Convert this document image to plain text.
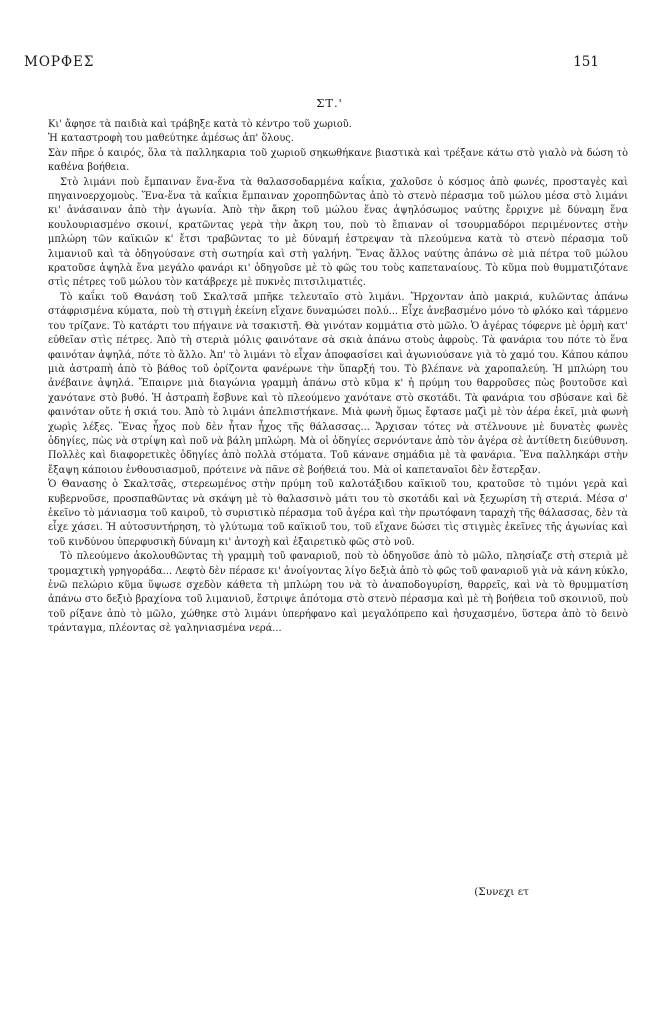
ΜΟΡΦΕΣ	151
ΣΤ.'

Κι' ἄφησε τὰ παιδιὰ καὶ τράβηξε κατὰ τὸ κέντρο τοῦ χωριοῦ.

Ἡ καταστροφὴ του μαθεύτηκε ἀμέσως ἀπ' ὅλους.

Σὰν πῆρε ὁ καιρός, ὅλα τὰ παλληκαρια τοῦ χωριοῦ σηκωθήκανε βιαστικὰ καὶ τρέξανε κάτω στὸ γιαλὸ νὰ δώση τὸ καθένα βοήθεια.

Στὸ λιμάνι ποὺ ἔμπαιναν ἕνα-ἕνα τὰ θαλασσοδαρμένα καΐκια, χαλοῦσε ὁ κόσμος ἀπὸ φωνές, προσταγὲς καὶ πηγαινοερχομοὺς. Ἕνα-ἕνα τὰ καΐκια ἔμπαιναν χοροπηδῶντας ἀπὸ τὸ στενὸ πέρασμα τοῦ μώλου μέσα στὸ λιμάνι κι' ἀνάσαιναν ἀπὸ τὴν ἀγωνία. Ἀπὸ τὴν ἄκρη τοῦ μώλου ἕνας ἀψηλόσωμος ναύτης ἔρριχνε μὲ δύναμη ἕνα κουλουριασμένο σκοινί, κρατῶντας γερὰ τὴν ἄκρη του, ποὺ τὸ ἔπιαναν οἱ τσουρμαδόροι περιμένοντες στὴν μπλώρη τῶν καϊκιῶν κ' ἔτσι τραβῶντας το μὲ δύναμή ἐστρεψαν τὰ πλεούμενα κατὰ τὸ στενὸ πέρασμα τοῦ λιμανιοῦ καὶ τὰ ὁδηγούσανε στὴ σωτηρία καὶ στὴ γαλήνη. Ἕνας ἄλλος ναύτης ἀπάνω σὲ μιὰ πέτρα τοῦ μώλου κρατοῦσε ἀψηλὰ ἕνα μεγάλο φανάρι κι' ὁδηγοῦσε μὲ τὸ φῶς του τοὺς καπεταναίους. Τὸ κῦμα ποὺ θυμματιζότανε στὶς πέτρες τοῦ μώλου τὸν κατάβρεχε μὲ πυκνὲς πιτσιλιματιές.

Τὸ καΐκι τοῦ Θανάση τοῦ Σκαλτσᾶ μπῆκε τελευταῖο στὸ λιμάνι. Ἤρχονταν ἀπὸ μακριά, κυλῶντας ἀπάνω στάφρισμένα κύματα, ποὺ τὴ στιγμὴ ἐκείνη εἴχανε δυναμώσει πολύ... Εἶχε ἀνεβασμένο μόνο τὸ φλόκο καὶ τάρμενο του τρίζανε. Τὸ κατάρτι του πήγαινε νὰ τσακιστῆ. Θὰ γινόταν κομμάτια στὸ μῶλο. Ὁ ἀγέρας τόφερνε μὲ ὁρμὴ κατ' εὐθεῖαν στὶς πέτρες. Ἀπὸ τὴ στεριὰ μόλις φαινότανε σὰ σκιὰ ἀπάνω στοὺς ἀφροὺς. Τὰ φανάρια του πότε τὸ ἕνα φαινόταν ἀψηλά, πότε τὸ ἄλλο. Ἀπ' τὸ λιμάνι τὸ εἶχαν ἀποφασίσει καὶ ἀγωνιούσανε γιὰ τὸ χαμό του. Κάπου κάπου μιὰ ἀστραπὴ ἀπὸ τὸ βάθος τοῦ ὁρίζοντα φανέρωνε τὴν ὕπαρξή του. Τὸ βλέπανε νὰ χαροπαλεύη. Ἡ μπλώρη του ἀνέβαινε ἀψηλά. Ἔπαιρνε μιὰ διαγώνια γραμμὴ ἀπάνω στὸ κῦμα κ' ἡ πρύμη του θαρροῦσες πὼς βουτοῦσε καὶ χανότανε στὸ βυθό. Ἡ ἀστραπὴ ἔσβυνε καὶ τὸ πλεούμενο χανότανε στὸ σκοτάδι. Τὰ φανάρια του σβύσανε καὶ δὲ φαινόταν οὔτε ἡ σκιά του. Ἀπὸ τὸ λιμάνι ἀπελπιστήκανε. Μιὰ φωνὴ ὅμως ἔφτασε μαζὶ μὲ τὸν ἀέρα ἐκεῖ, μιὰ φωνὴ χωρὶς λέξες. Ἕνας ἦχος ποὺ δὲν ἦταν ἦχος τῆς θάλασσας... Ἄρχισαν τότες νὰ στέλνουνε μὲ δυνατὲς φωνὲς ὁδηγίες, πὼς νὰ στρίψη καὶ ποῦ νὰ βάλη μπλώρη. Μὰ οἱ ὁδηγίες σερνόντανε ἀπὸ τὸν ἀγέρα σὲ ἀντίθετη διεύθυνση. Πολλὲς καὶ διαφορετικὲς ὁδηγίες ἀπὸ πολλὰ στόματα. Τοῦ κάνανε σημάδια μὲ τὰ φανάρια. Ἕνα παλληκάρι στὴν ἔξαψη κάποιου ἐνθουσιασμοῦ, πρότεινε νὰ πᾶνε σὲ βοήθειά του. Μὰ οἱ καπεταναῖοι δὲν ἔστερξαν.

Ὁ Θανασης ὁ Σκαλτσᾶς, στερεωμένος στὴν πρύμη τοῦ καλοτάξιδου καϊκιοῦ του, κρατοῦσε τὸ τιμόνι γερὰ καὶ κυβερνοῦσε, προσπαθῶντας νὰ σκάψη μὲ τὸ θαλασσινὸ μάτι του τὸ σκοτάδι καὶ νὰ ξεχωρίση τὴ στεριά. Μέσα σ' ἐκεῖνο τὸ μάνιασμα τοῦ καιροῦ, τὸ συριστικὸ πέρασμα τοῦ ἀγέρα καὶ τὴν πρωτόφανη ταραχὴ τῆς θάλασσας, δὲν τὰ εἶχε χάσει. Ἡ αὐτοσυντήρηση, τὸ γλύτωμα τοῦ καϊκιοῦ του, τοῦ εἴχανε δώσει τὶς στιγμὲς ἐκεῖνες τῆς ἀγωνίας καὶ τοῦ κινδύνου ὑπερφυσικὴ δύναμη κι' ἀντοχὴ καὶ ἐξαιρετικὸ φῶς στὸ νοῦ.

Τὸ πλεούμενο ἀκολουθῶντας τὴ γραμμὴ τοῦ φαναριοῦ, ποὺ τὸ ὁδηγοῦσε ἀπὸ τὸ μῶλο, πλησίαζε στὴ στεριὰ μὲ τρομαχτικὴ γρηγοράδα... Λεφτὸ δὲν πέρασε κι' ἀνοίγοντας λίγο δεξιὰ ἀπὸ τὸ φῶς τοῦ φαναριοῦ γιὰ νὰ κάνη κύκλο, ἐνῶ πελώριο κῦμα ὕψωσε σχεδὸν κάθετα τὴ μπλώρη του νὰ τὸ ἀναποδογυρίση, θαρρεῖς, καὶ νὰ τὸ θρυμματίση ἀπάνω στο δεξιὸ βραχίονα τοῦ λιμανιοῦ, ἔστριψε ἀπότομα στὸ στενὸ πέρασμα καὶ μὲ τὴ βοήθεια τοῦ σκοινιοῦ, ποὺ τοῦ ρίξανε ἀπὸ τὸ μῶλο, χώθηκε στὸ λιμάνι ὑπερήφανο καὶ μεγαλόπρεπο καὶ ἡσυχασμένο, ὕστερα ἀπὸ τὸ δεινὸ τράνταγμα, πλέοντας σὲ γαληνιασμένα νερά...

(Συνεχι ετ
